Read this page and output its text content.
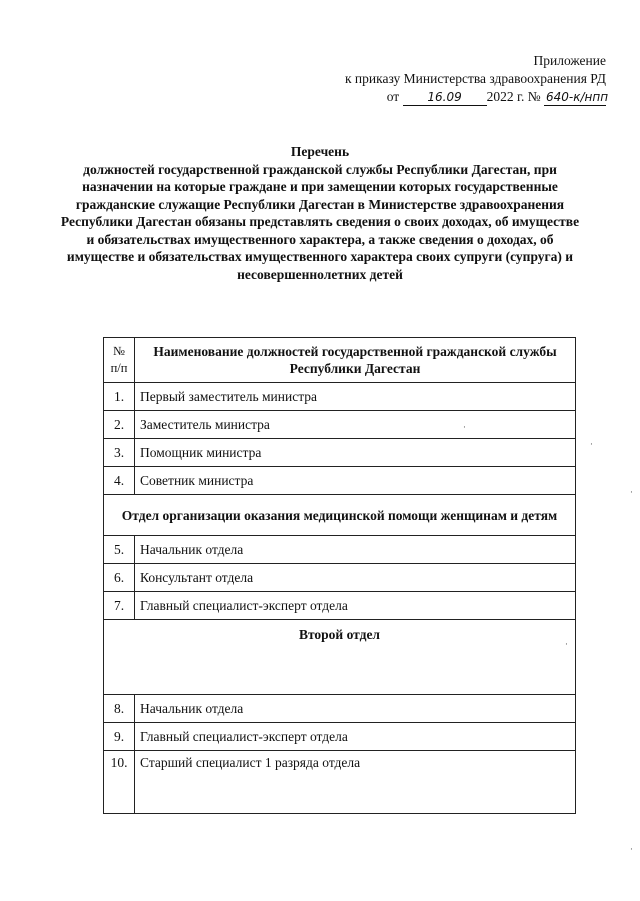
Приложение
к приказу Министерства здравоохранения РД
от 16.09 2022 г. № 640-к/нпп
Перечень
должностей государственной гражданской службы Республики Дагестан, при назначении на которые граждане и при замещении которых государственные гражданские служащие Республики Дагестан в Министерстве здравоохранения Республики Дагестан обязаны представлять сведения о своих доходах, об имуществе и обязательствах имущественного характера, а также сведения о доходах, об имуществе и обязательствах имущественного характера своих супруги (супруга) и несовершеннолетних детей
№ п/п	Наименование должностей государственной гражданской службы Республики Дагестан
1.	Первый заместитель министра
2.	Заместитель министра
3.	Помощник министра
4.	Советник министра
Отдел организации оказания медицинской помощи женщинам и детям	
5.	Начальник отдела
6.	Консультант отдела
7.	Главный специалист-эксперт отдела
Второй отдел	
8.	Начальник отдела
9.	Главный специалист-эксперт отдела
10.	Старший специалист 1 разряда отдела
·
·
·
·
·
